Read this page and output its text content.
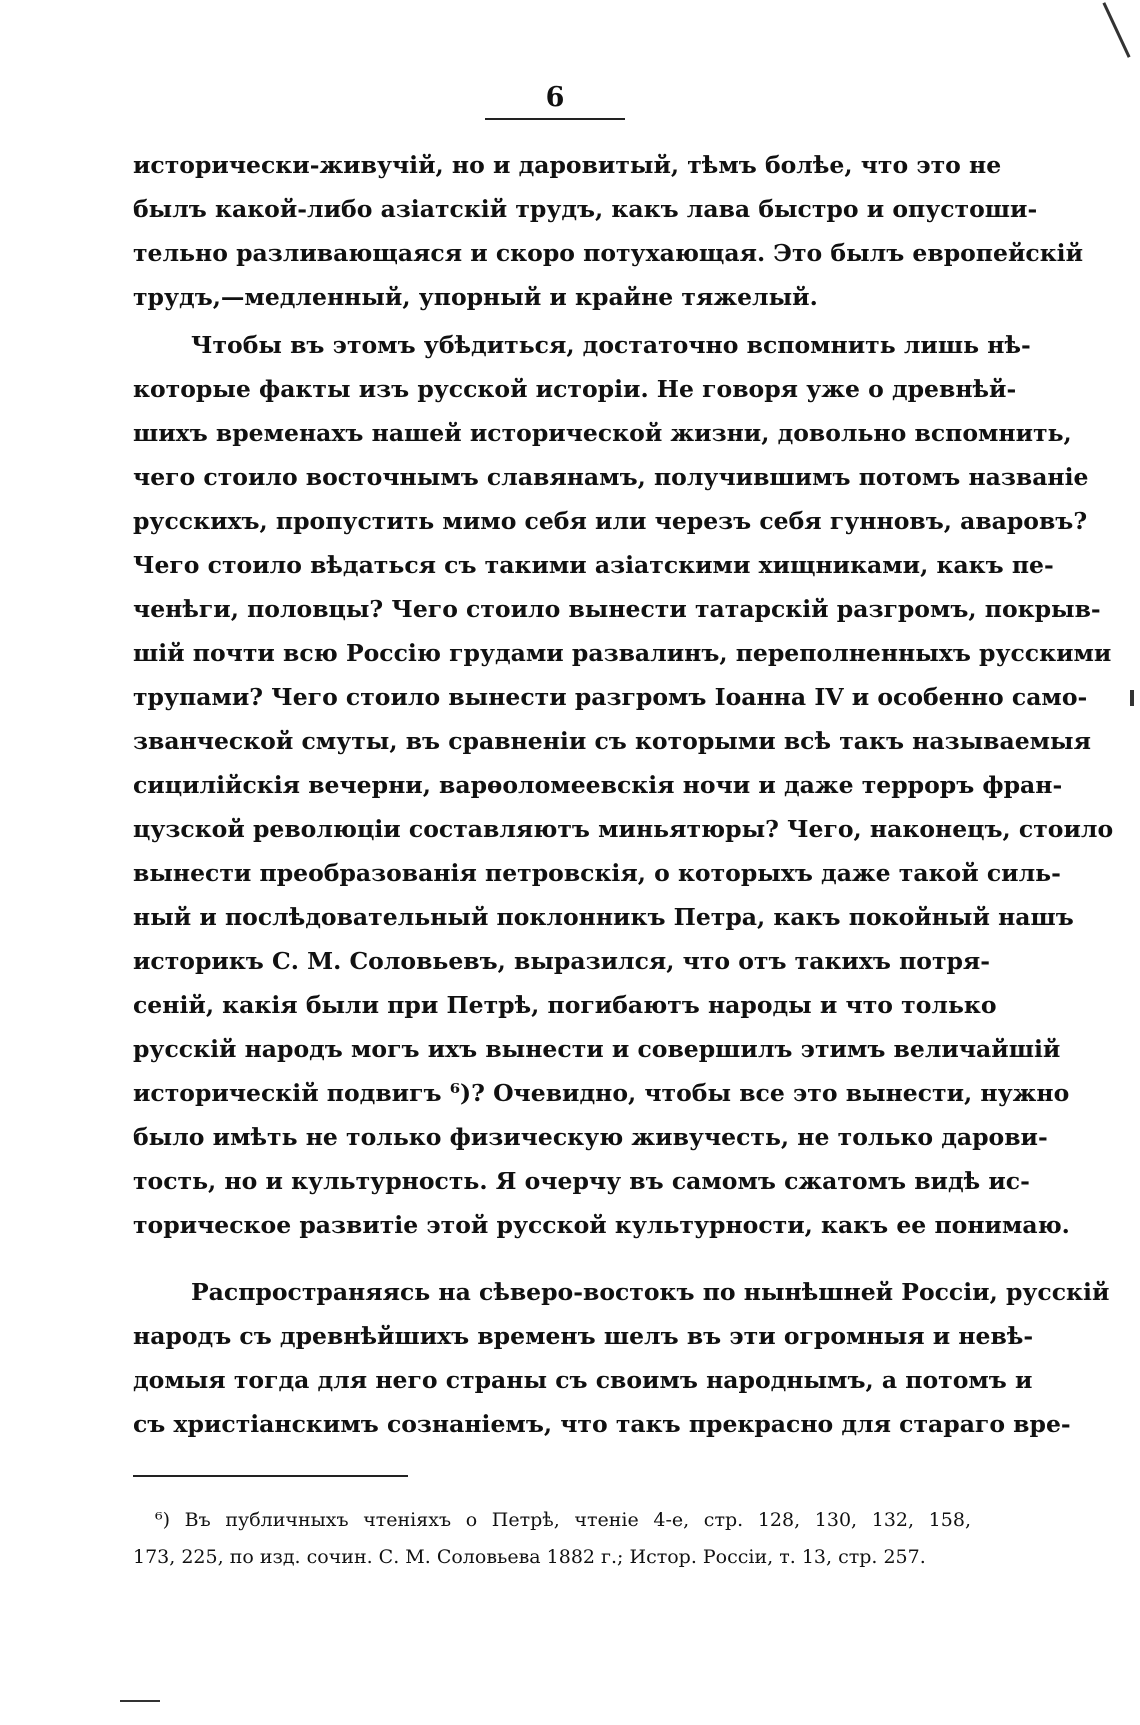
6
исторически-живучій, но и даровитый, тѣмъ болѣе, что это не
былъ какой-либо азіатскій трудъ, какъ лава быстро и опустоши-
тельно разливающаяся и скоро потухающая. Это былъ европейскій
трудъ,—медленный, упорный и крайне тяжелый.
Чтобы въ этомъ убѣдиться, достаточно вспомнить лишь нѣ-
которые факты изъ русской исторіи. Не говоря уже о древнѣй-
шихъ временахъ нашей исторической жизни, довольно вспомнить,
чего стоило восточнымъ славянамъ, получившимъ потомъ названіе
русскихъ, пропустить мимо себя или черезъ себя гунновъ, аваровъ?
Чего стоило вѣдаться съ такими азіатскими хищниками, какъ пе-
ченѣги, половцы? Чего стоило вынести татарскій разгромъ, покрыв-
шій почти всю Россію грудами развалинъ, переполненныхъ русскими
трупами? Чего стоило вынести разгромъ Іоанна IV и особенно само-
званческой смуты, въ сравненіи съ которыми всѣ такъ называемыя
сицилійскія вечерни, варѳоломеевскія ночи и даже терроръ фран-
цузской революціи составляютъ миньятюры? Чего, наконецъ, стоило
вынести преобразованія петровскія, о которыхъ даже такой силь-
ный и послѣдовательный поклонникъ Петра, какъ покойный нашъ
историкъ С. М. Соловьевъ, выразился, что отъ такихъ потря-
сеній, какія были при Петрѣ, погибаютъ народы и что только
русскій народъ могъ ихъ вынести и совершилъ этимъ величайшій
историческій подвигъ ⁶)? Очевидно, чтобы все это вынести, нужно
было имѣть не только физическую живучесть, не только дарови-
тость, но и культурность. Я очерчу въ самомъ сжатомъ видѣ ис-
торическое развитіе этой русской культурности, какъ ее понимаю.
Распространяясь на сѣверо-востокъ по нынѣшней Россіи, русскій
народъ съ древнѣйшихъ временъ шелъ въ эти огромныя и невѣ-
домыя тогда для него страны съ своимъ народнымъ, а потомъ и
съ христіанскимъ сознаніемъ, что такъ прекрасно для стараго вре-
⁶) Въ публичныхъ чтеніяхъ о Петрѣ, чтеніе 4-е, стр. 128, 130, 132, 158,
173, 225, по изд. сочин. С. М. Соловьева 1882 г.; Истор. Россіи, т. 13, стр. 257.
